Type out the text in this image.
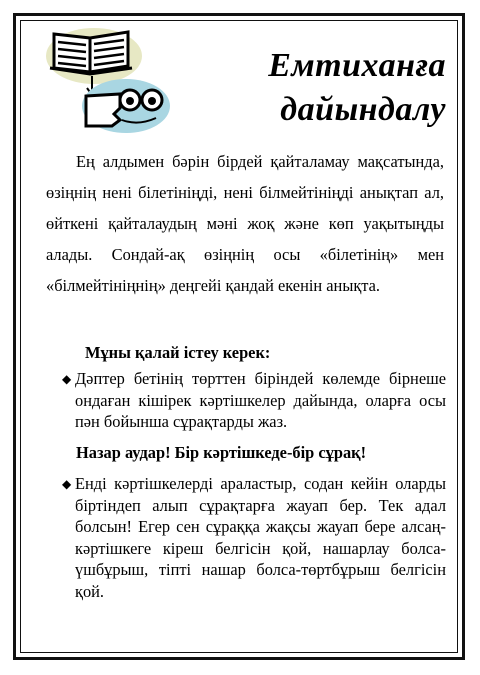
Емтиханға дайындалу

Ең алдымен бәрін бірдей қайталамау мақсатында, өзіңнің нені білетініңді, нені білмейтініңді анықтап ал, өйткені қайталаудың мәні жоқ және көп уақытыңды алады. Сондай-ақ өзіңнің осы «білетінің» мен «білмейтініңнің» деңгейі қандай екенін анықта.

Мұны қалай істеу керек:
◆ Дәптер бетінің төрттен біріндей көлемде бірнеше ондаған кішірек кәртішкелер дайында, оларға осы пән бойынша сұрақтарды жаз.
Назар аудар! Бір кәртішкеде-бір сұрақ!
◆ Енді кәртішкелерді араластыр, содан кейін оларды біртіндеп алып сұрақтарға жауап бер. Тек адал болсын! Егер сен сұраққа жақсы жауап бере алсаң- кәртішкеге кіреш белгісін қой, нашарлау болса-үшбұрыш, тіпті нашар болса-төртбұрыш белгісін қой.
